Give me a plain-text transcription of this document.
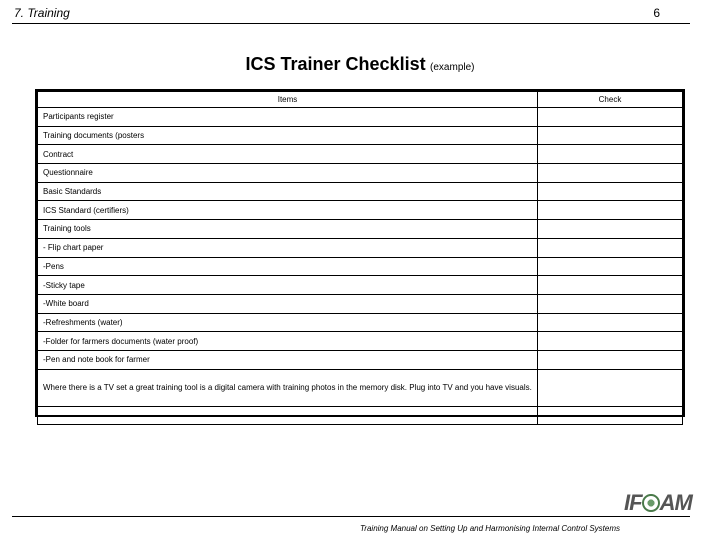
7. Training	6
ICS Trainer Checklist (example)
Items	Check
Participants register	
Training documents (posters	
Contract	
Questionnaire	
Basic Standards	
ICS Standard (certifiers)	
Training tools	
- Flip chart paper	
-Pens	
-Sticky tape	
-White board	
-Refreshments (water)	
-Folder for farmers documents (water proof)	
-Pen and note book for farmer	
Where there is a TV set a great training tool is a digital camera with training photos in the memory disk. Plug into TV and you have visuals.	

IF AM
Training Manual on Setting Up and Harmonising Internal Control Systems
